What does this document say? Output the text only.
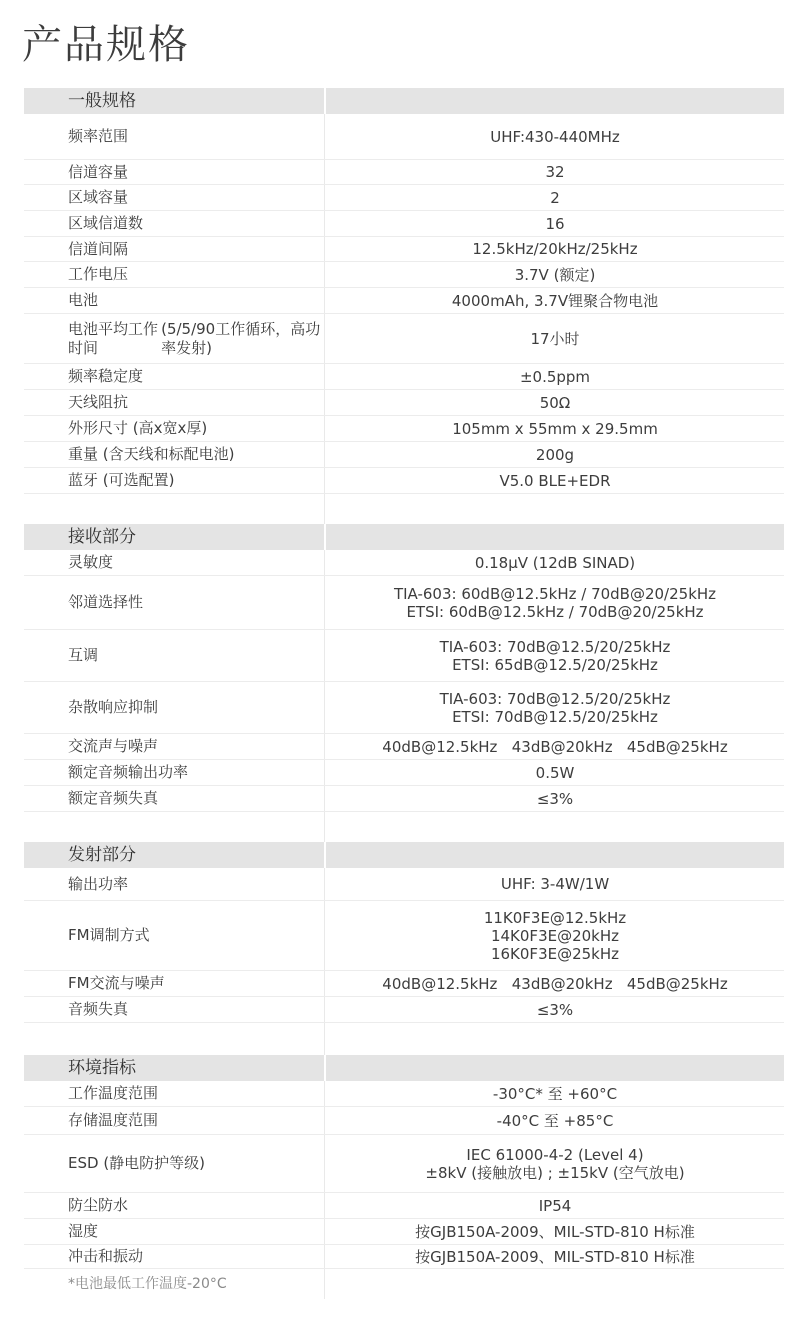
产品规格
一般规格
频率范围	UHF:430-440MHz
信道容量	32
区域容量	2
区域信道数	16
信道间隔	12.5kHz/20kHz/25kHz
工作电压	3.7V (额定)
电池	4000mAh, 3.7V锂聚合物电池
电池平均工作时间
(5/5/90工作循环，高功率发射)	17小时
频率稳定度	±0.5ppm
天线阻抗	50Ω
外形尺寸 (高x宽x厚)	105mm x 55mm x 29.5mm
重量 (含天线和标配电池)	200g
蓝牙 (可选配置)	V5.0 BLE+EDR
接收部分
灵敏度	0.18μV (12dB SINAD)
邻道选择性	TIA-603: 60dB@12.5kHz / 70dB@20/25kHz
ETSI: 60dB@12.5kHz / 70dB@20/25kHz
互调	TIA-603: 70dB@12.5/20/25kHz
ETSI: 65dB@12.5/20/25kHz
杂散响应抑制	TIA-603: 70dB@12.5/20/25kHz
ETSI: 70dB@12.5/20/25kHz
交流声与噪声	40dB@12.5kHz   43dB@20kHz   45dB@25kHz
额定音频输出功率	0.5W
额定音频失真	≤3%
发射部分
输出功率	UHF: 3-4W/1W
FM调制方式
11K0F3E@12.5kHz
14K0F3E@20kHz
16K0F3E@25kHz
FM交流与噪声	40dB@12.5kHz   43dB@20kHz   45dB@25kHz
音频失真	≤3%
环境指标
工作温度范围	-30°C* 至 +60°C
存储温度范围	-40°C 至 +85°C
ESD (静电防护等级)	IEC 61000-4-2 (Level 4)
±8kV (接触放电) ; ±15kV (空气放电)
防尘防水	IP54
湿度	按GJB150A-2009、MIL-STD-810 H标准
冲击和振动	按GJB150A-2009、MIL-STD-810 H标准
*电池最低工作温度-20°C
